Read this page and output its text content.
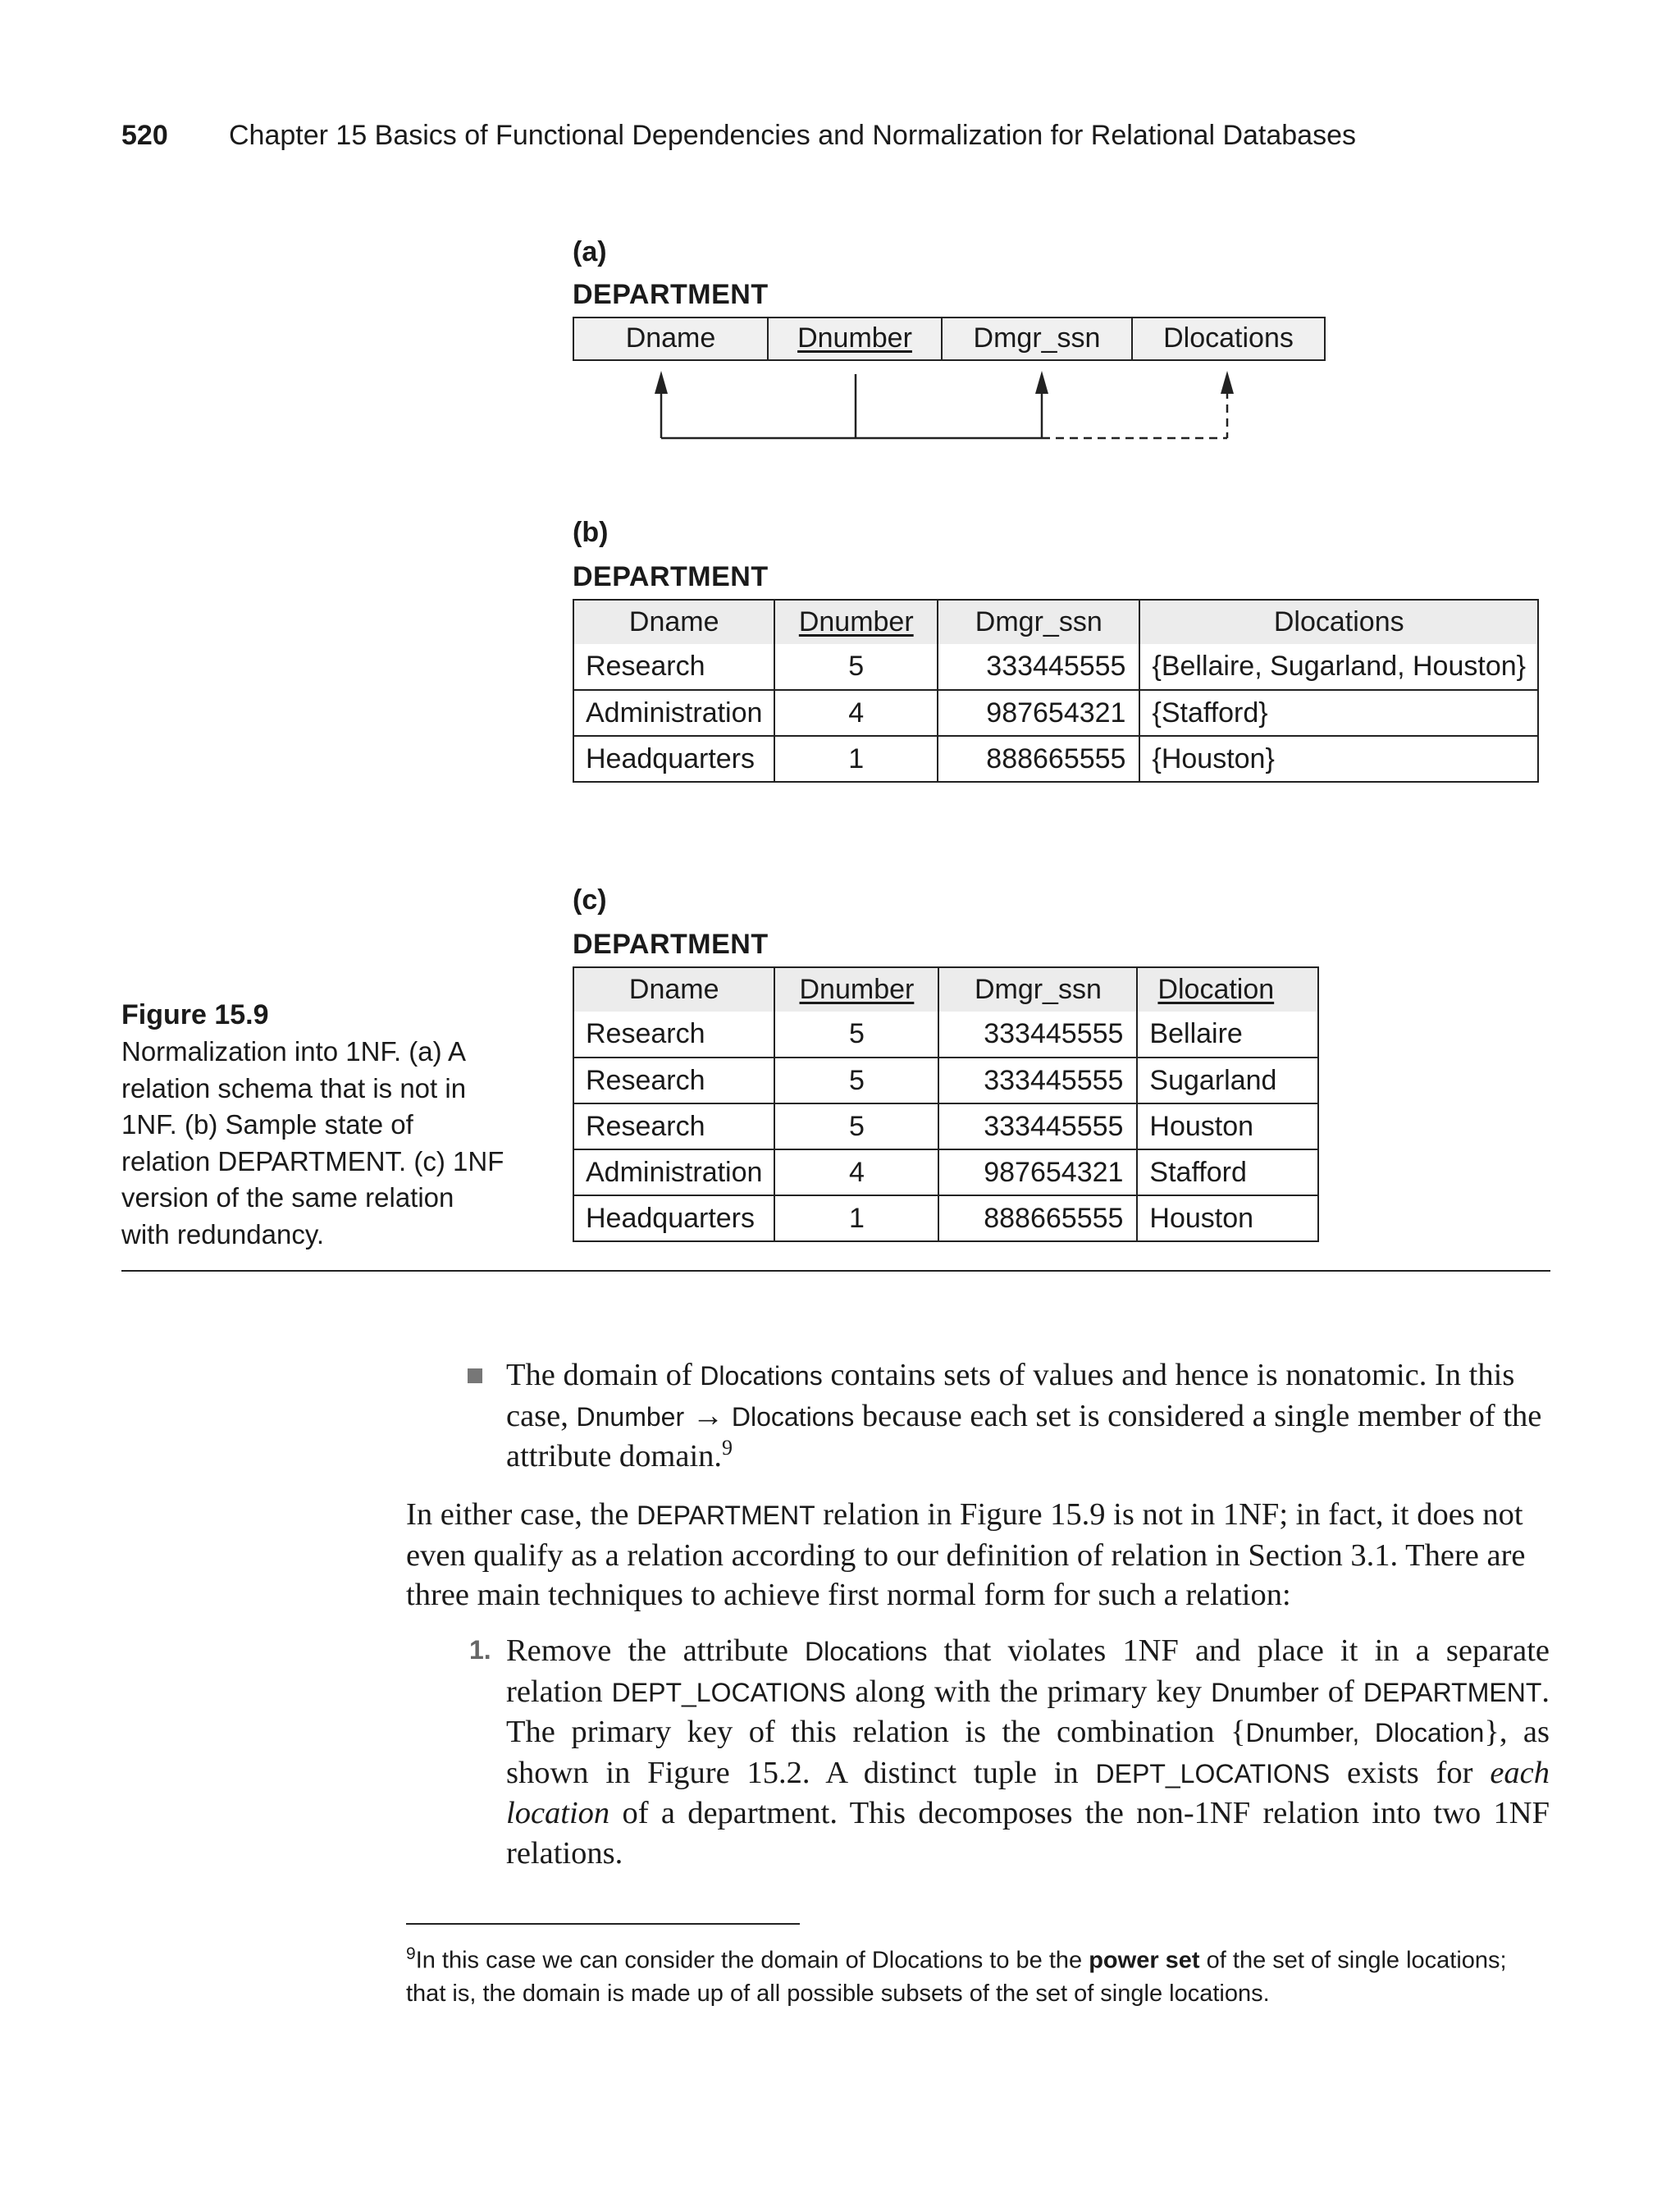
520 Chapter 15 Basics of Functional Dependencies and Normalization for Relational Databases
(a)
DEPARTMENT
Dname	Dnumber	Dmgr_ssn	Dlocations
(b)
DEPARTMENT
Dname	Dnumber	Dmgr_ssn	Dlocations
Research	5	333445555	{Bellaire, Sugarland, Houston}
Administration	4	987654321	{Stafford}
Headquarters	1	888665555	{Houston}
(c)
DEPARTMENT
Dname	Dnumber	Dmgr_ssn	Dlocation
Research	5	333445555	Bellaire
Research	5	333445555	Sugarland
Research	5	333445555	Houston
Administration	4	987654321	Stafford
Headquarters	1	888665555	Houston
Figure 15.9
Normalization into 1NF. (a) A relation schema that is not in 1NF. (b) Sample state of relation DEPARTMENT. (c) 1NF version of the same relation with redundancy.
The domain of Dlocations contains sets of values and hence is nonatomic. In this case, Dnumber → Dlocations because each set is considered a single member of the attribute domain.$^9$
In either case, the DEPARTMENT relation in Figure 15.9 is not in 1NF; in fact, it does not even qualify as a relation according to our definition of relation in Section 3.1. There are three main techniques to achieve first normal form for such a relation:
1. Remove the attribute Dlocations that violates 1NF and place it in a separate relation DEPT_LOCATIONS along with the primary key Dnumber of DEPARTMENT. The primary key of this relation is the combination {Dnumber, Dlocation}, as shown in Figure 15.2. A distinct tuple in DEPT_LOCATIONS exists for each location of a department. This decomposes the non-1NF relation into two 1NF relations.
$^9$In this case we can consider the domain of Dlocations to be the power set of the set of single locations; that is, the domain is made up of all possible subsets of the set of single locations.
